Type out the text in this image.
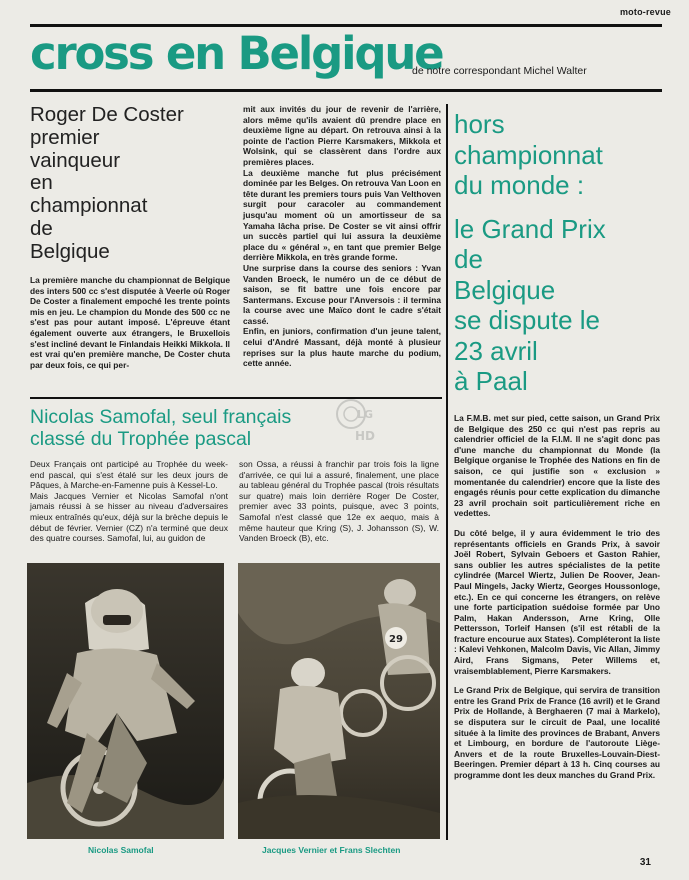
moto-revue
cross en Belgique
de notre correspondant Michel Walter
Roger De Coster
premier
vainqueur
en
championnat
de
Belgique

La première manche du championnat de Belgique des inters 500 cc s'est disputée à Veerle où Roger De Coster a finalement empoché les trente points mis en jeu. Le champion du Monde des 500 cc ne s'est pas pour autant imposé. L'épreuve étant également ouverte aux étrangers, le Bruxellois s'est incliné devant le Finlandais Heikki Mikkola. Il est vrai qu'en première manche, De Coster chuta par deux fois, ce qui per-

mit aux invités du jour de revenir de l'arrière, alors même qu'ils avaient dû prendre place en deuxième ligne au départ. On retrouva ainsi à la pointe de l'action Pierre Karsmakers, Mikkola et Wolsink, qui se classèrent dans l'ordre aux premières places.

La deuxième manche fut plus précisément dominée par les Belges. On retrouva Van Loon en tête durant les premiers tours puis Van Velthoven surgit pour caracoler au commandement jusqu'au moment où un amortisseur de sa Yamaha lâcha prise. De Coster se vit ainsi offrir un succès partiel qui lui assura la deuxième place du « général », en tant que premier Belge derrière Mikkola, en très grande forme.

Une surprise dans la course des seniors : Yvan Vanden Broeck, le numéro un de ce début de saison, se fit battre une fois encore par Santermans. Excuse pour l'Anversois : il termina la course avec une Maïco dont le cadre s'était cassé.

Enfin, en juniors, confirmation d'un jeune talent, celui d'André Massant, déjà monté à plusieur reprises sur la plus haute marche du podium, cette année.

hors
championnat
du monde :
le Grand Prix
de
Belgique
se dispute le
23 avril
à Paal

La F.M.B. met sur pied, cette saison, un Grand Prix de Belgique des 250 cc qui n'est pas repris au calendrier officiel de la F.I.M. Il ne s'agit donc pas d'une manche du championnat du Monde (la Belgique organise le Trophée des Nations en fin de saison, ce qui justifie son « exclusion » momentanée du calendrier) encore que la liste des engagés réunis pour cette explication du dimanche 23 avril prochain soit particulièrement riche en vedettes.

Du côté belge, il y aura évidemment le trio des représentants officiels en Grands Prix, à savoir Joël Robert, Sylvain Geboers et Gaston Rahier, sans oublier les autres spécialistes de la petite cylindrée (Marcel Wiertz, Julien De Roover, Jean-Paul Mingels, Jacky Wiertz, Georges Houssonloge, etc.). En ce qui concerne les étrangers, on relève une forte participation suédoise formée par Uno Palm, Hakan Andersson, Arne Kring, Olle Pettersson, Torleif Hansen (s'il est rétabli de la fracture encourue aux States). Compléteront la liste : Kalevi Vehkonen, Malcolm Davis, Vic Allan, Jimmy Aird, Frans Sigmans, Peter Willems et, vraisemblablement, Pierre Karsmakers.

Le Grand Prix de Belgique, qui servira de transition entre les Grand Prix de France (16 avril) et le Grand Prix de Hollande, à Berghaeren (7 mai à Markelo), se disputera sur le circuit de Paal, une localité située à la limite des provinces de Brabant, Anvers et Limbourg, en bordure de l'autoroute Liège-Anvers et de la route Bruxelles-Louvain-Diest-Beeringen. Premier départ à 13 h. Cinq courses au programme dont les deux manches du Grand Prix.

Nicolas Samofal, seul français
classé du Trophée pascal
LG
HD

Deux Français ont participé au Trophée du week-end pascal, qui s'est étalé sur les deux jours de Pâques, à Marche-en-Famenne puis à Kessel-Lo.

Mais Jacques Vernier et Nicolas Samofal n'ont jamais réussi à se hisser au niveau d'adversaires mieux entraînés qu'eux, déjà sur la brèche depuis le début de février. Vernier (CZ) n'a terminé que deux des quatre courses. Samofal, lui, au guidon de

son Ossa, a réussi à franchir par trois fois la ligne d'arrivée, ce qui lui a assuré, finalement, une place au tableau général du Trophée pascal (trois résultats sur quatre) mais loin derrière Roger De Coster, premier avec 33 points, puisque, avec 3 points, Samofal n'est classé que 12e ex aequo, mais à même hauteur que Kring (S), J. Johansson (S), W. Vanden Broeck (B), etc.

29
Nicolas Samofal	Jacques Vernier et Frans Slechten
31
